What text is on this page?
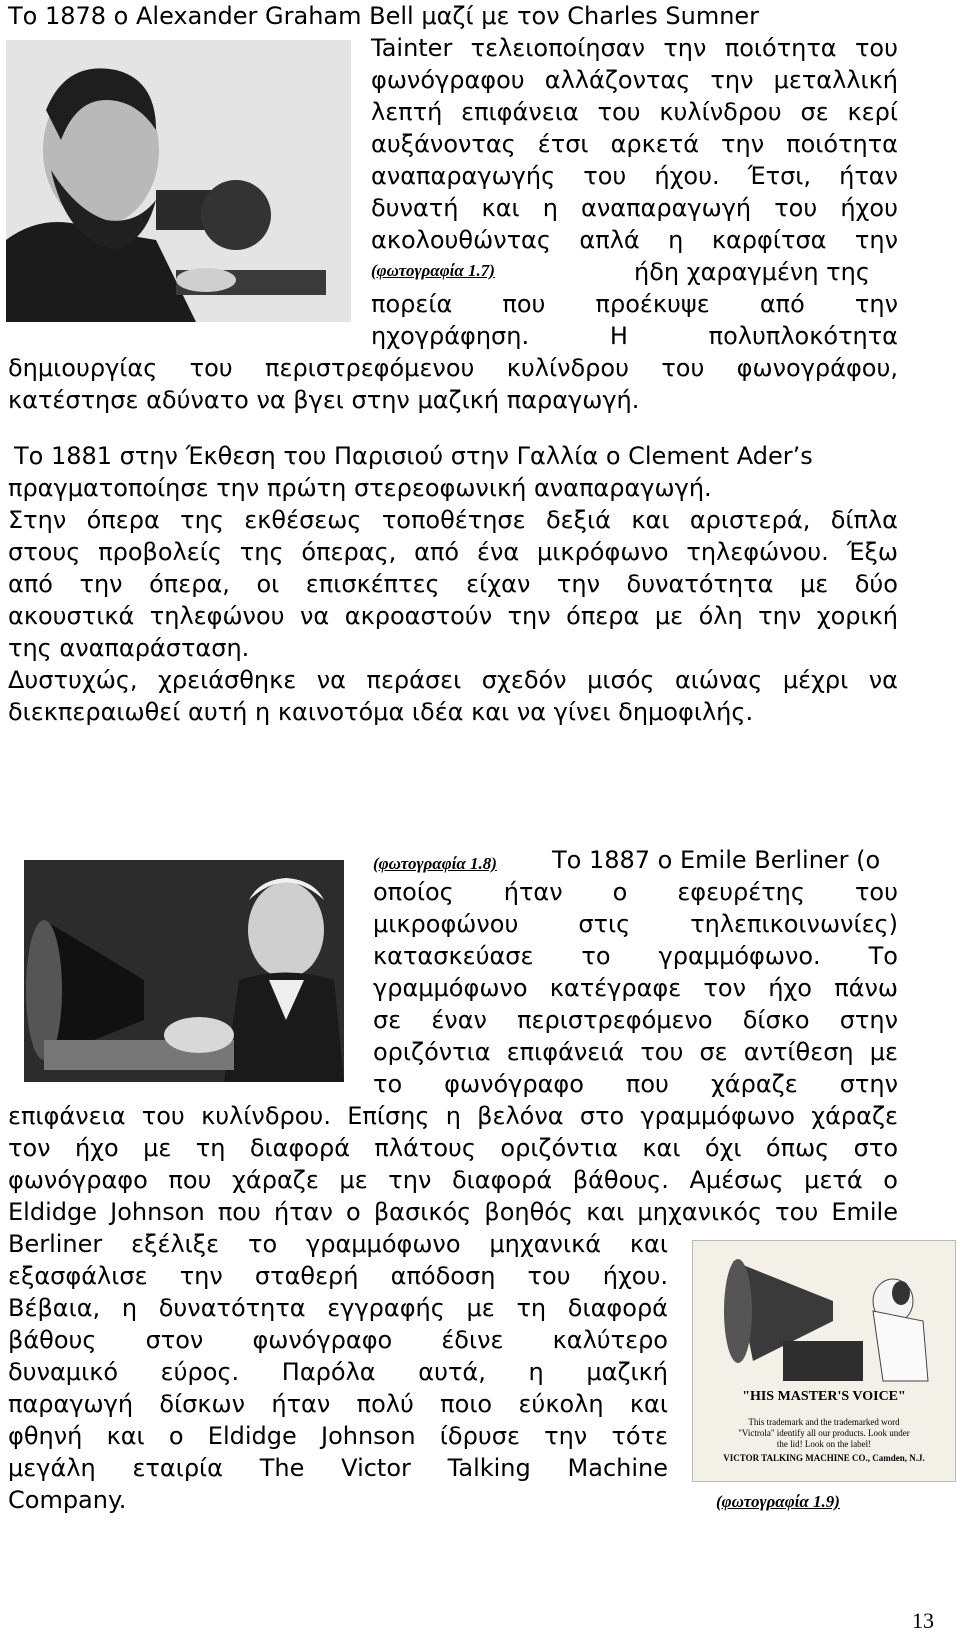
Το 1878 ο Alexander Graham Bell μαζί με τον Charles Sumner
Tainter τελειοποίησαν την ποιότητα του
φωνόγραφου αλλάζοντας την μεταλλική
λεπτή επιφάνεια του κυλίνδρου σε κερί
αυξάνοντας έτσι αρκετά την ποιότητα
αναπαραγωγής του ήχου. Έτσι, ήταν
δυνατή και η αναπαραγωγή του ήχου
ακολουθώντας απλά η καρφίτσα την
(φωτογραφία 1.7)	ήδη χαραγμένη της
πορεία που προέκυψε από την
ηχογράφηση. Η πολυπλοκότητα
δημιουργίας του περιστρεφόμενου κυλίνδρου του φωνογράφου,
κατέστησε αδύνατο να βγει στην μαζική παραγωγή.
Το 1881 στην Έκθεση του Παρισιού στην Γαλλία ο Clement Ader’s
πραγματοποίησε την πρώτη στερεοφωνική αναπαραγωγή.
Στην όπερα της εκθέσεως τοποθέτησε δεξιά και αριστερά, δίπλα
στους προβολείς της όπερας, από ένα μικρόφωνο τηλεφώνου. Έξω
από την όπερα, οι επισκέπτες είχαν την δυνατότητα με δύο
ακουστικά τηλεφώνου να ακροαστούν την όπερα με όλη την χορική
της αναπαράσταση.
Δυστυχώς, χρειάσθηκε να περάσει σχεδόν μισός αιώνας μέχρι να
διεκπεραιωθεί αυτή η καινοτόμα ιδέα και να γίνει δημοφιλής.
(φωτογραφία 1.8) Το 1887 ο Emile Berliner (ο
οποίος ήταν ο εφευρέτης του
μικροφώνου στις τηλεπικοινωνίες)
κατασκεύασε το γραμμόφωνο. Το
γραμμόφωνο κατέγραφε τον ήχο πάνω
σε έναν περιστρεφόμενο δίσκο στην
οριζόντια επιφάνειά του σε αντίθεση με
το φωνόγραφο που χάραζε στην
επιφάνεια του κυλίνδρου. Επίσης η βελόνα στο γραμμόφωνο χάραζε
τον ήχο με τη διαφορά πλάτους οριζόντια και όχι όπως στο
φωνόγραφο που χάραζε με την διαφορά βάθους. Αμέσως μετά ο
Eldidge Johnson που ήταν ο βασικός βοηθός και μηχανικός του Emile
Berliner εξέλιξε το γραμμόφωνο μηχανικά και
εξασφάλισε την σταθερή απόδοση του ήχου.
Βέβαια, η δυνατότητα εγγραφής με τη διαφορά
βάθους στον φωνόγραφο έδινε καλύτερο
δυναμικό εύρος. Παρόλα αυτά, η μαζική
παραγωγή δίσκων ήταν πολύ ποιο εύκολη και
φθηνή και ο Eldidge Johnson ίδρυσε την τότε
μεγάλη εταιρία The Victor Talking Machine
Company.
"HIS MASTER'S VOICE"
This trademark and the trademarked word
"Victrola" identify all our products. Look under
the lid! Look on the label!
VICTOR TALKING MACHINE CO., Camden, N.J.
(φωτογραφία 1.9)
13
